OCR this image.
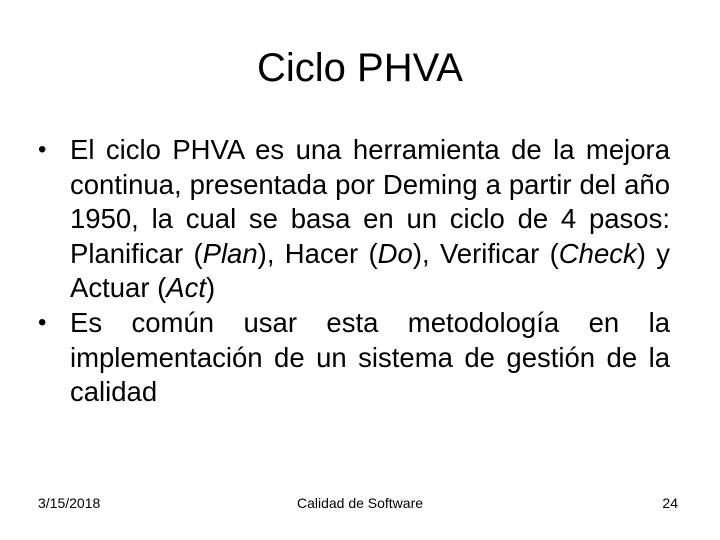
Ciclo PHVA
• El ciclo PHVA es una herramienta de la mejora continua, presentada por Deming a partir del año 1950, la cual se basa en un ciclo de 4 pasos: Planificar (Plan), Hacer (Do), Verificar (Check) y Actuar (Act)
• Es común usar esta metodología en la implementación de un sistema de gestión de la calidad
3/15/2018	Calidad de Software	24
